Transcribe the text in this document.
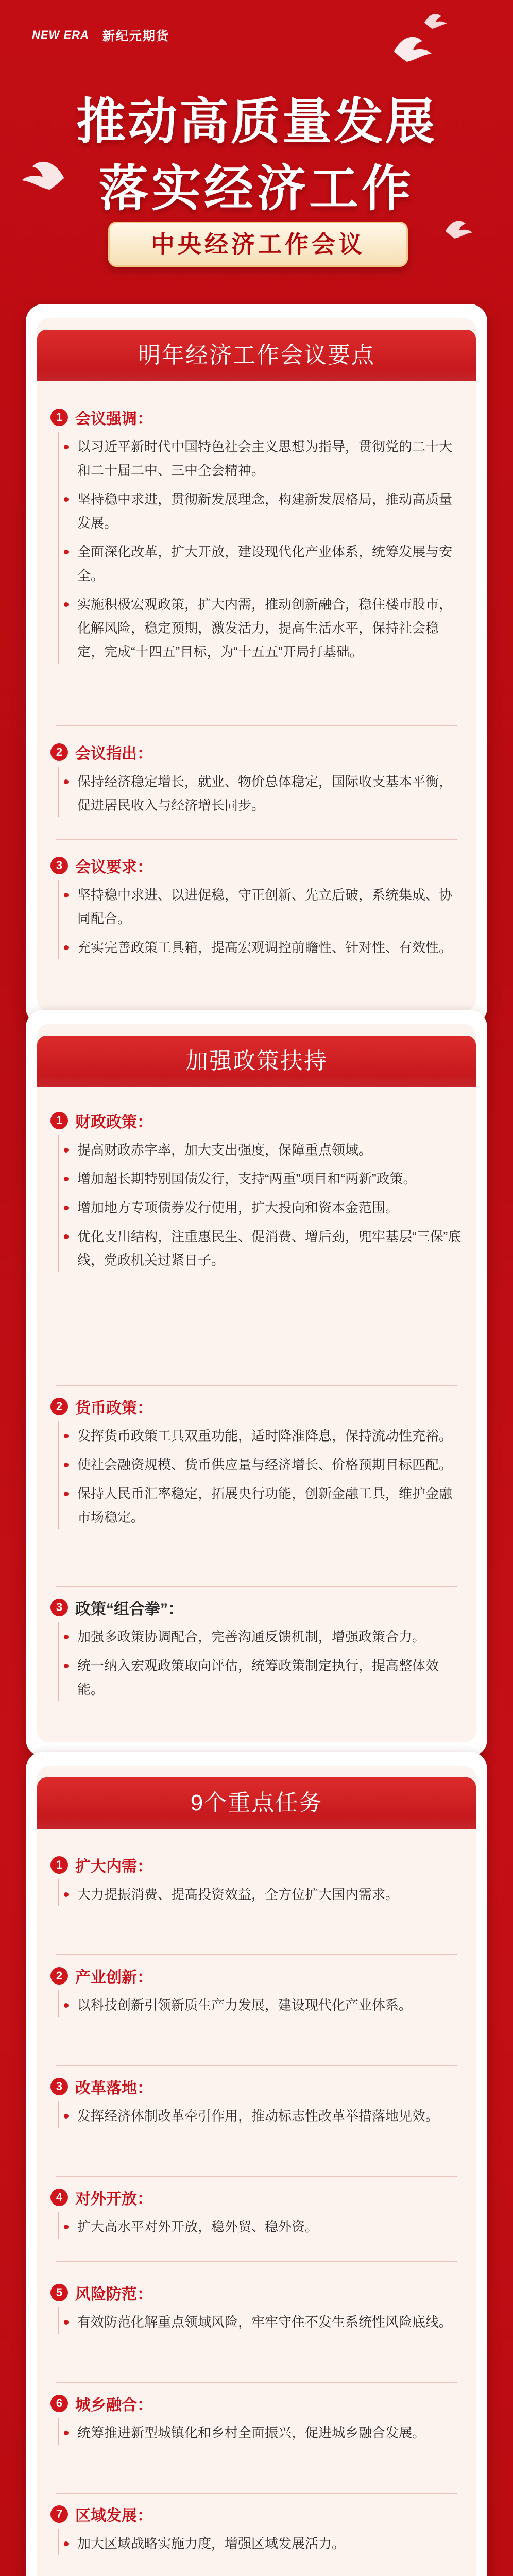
NEW ERA 新纪元期货
推动高质量发展
落实经济工作
中央经济工作会议
明年经济工作会议要点
1 会议强调：
以习近平新时代中国特色社会主义思想为指导，贯彻党的二十大和二十届二中、三中全会精神。
坚持稳中求进，贯彻新发展理念，构建新发展格局，推动高质量发展。
全面深化改革，扩大开放，建设现代化产业体系，统筹发展与安全。
实施积极宏观政策，扩大内需，推动创新融合，稳住楼市股市，化解风险，稳定预期，激发活力，提高生活水平，保持社会稳定，完成“十四五”目标，为“十五五”开局打基础。
2 会议指出：
保持经济稳定增长，就业、物价总体稳定，国际收支基本平衡，促进居民收入与经济增长同步。
3 会议要求：
坚持稳中求进、以进促稳，守正创新、先立后破，系统集成、协同配合。
充实完善政策工具箱，提高宏观调控前瞻性、针对性、有效性。
加强政策扶持
1 财政政策：
提高财政赤字率，加大支出强度，保障重点领域。
增加超长期特别国债发行，支持“两重”项目和“两新”政策。
增加地方专项债券发行使用，扩大投向和资本金范围。
优化支出结构，注重惠民生、促消费、增后劲，兜牢基层“三保”底线，党政机关过紧日子。
2 货币政策：
发挥货币政策工具双重功能，适时降准降息，保持流动性充裕。
使社会融资规模、货币供应量与经济增长、价格预期目标匹配。
保持人民币汇率稳定，拓展央行功能，创新金融工具，维护金融市场稳定。
3 政策“组合拳”：
加强多政策协调配合，完善沟通反馈机制，增强政策合力。
统一纳入宏观政策取向评估，统筹政策制定执行，提高整体效能。
9个重点任务
1 扩大内需：
大力提振消费、提高投资效益，全方位扩大国内需求。
2 产业创新：
以科技创新引领新质生产力发展，建设现代化产业体系。
3 改革落地：
发挥经济体制改革牵引作用，推动标志性改革举措落地见效。
4 对外开放：
扩大高水平对外开放，稳外贸、稳外资。
5 风险防范：
有效防范化解重点领域风险，牢牢守住不发生系统性风险底线。
6 城乡融合：
统筹推进新型城镇化和乡村全面振兴，促进城乡融合发展。
7 区域发展：
加大区域战略实施力度，增强区域发展活力。
